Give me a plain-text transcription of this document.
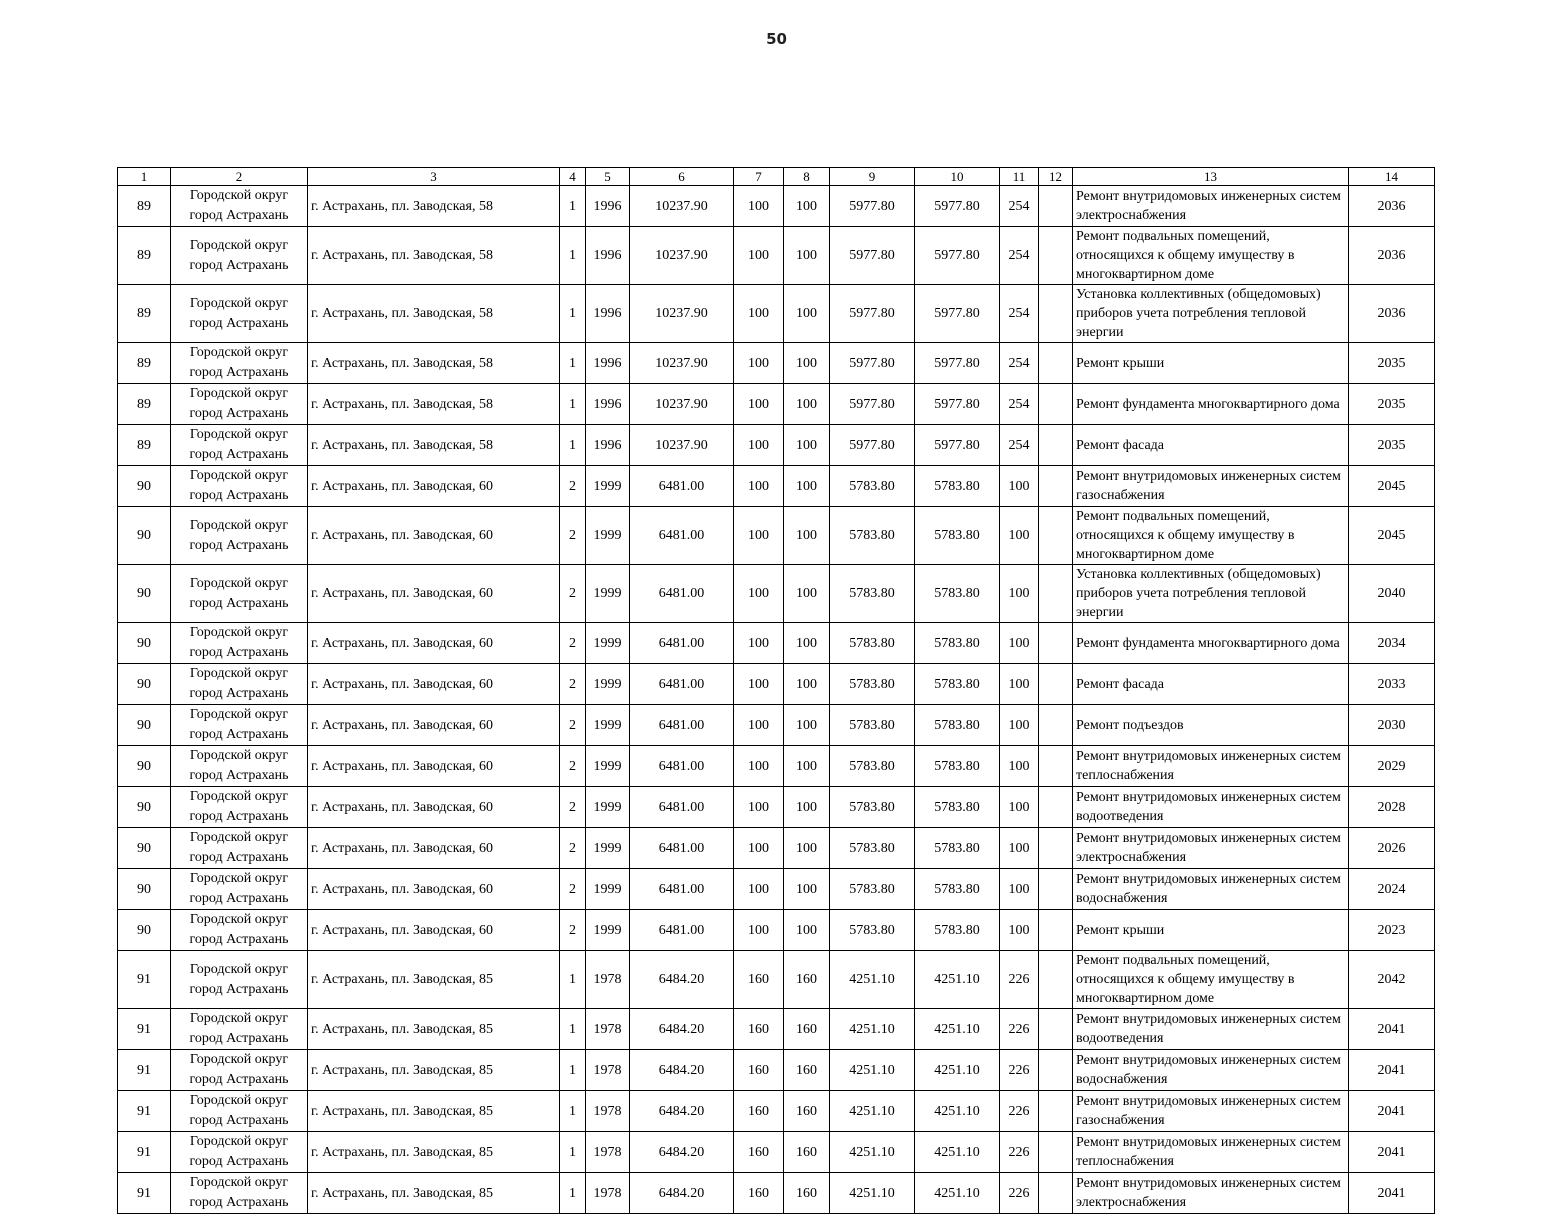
50
1	2	3	4	5	6	7	8	9	10	11	12	13	14
89	Городской округ город Астрахань	г. Астрахань, пл. Заводская, 58	1	1996	10237.90	100	100	5977.80	5977.80	254		Ремонт внутридомовых инженерных систем электроснабжения	2036
89	Городской округ город Астрахань	г. Астрахань, пл. Заводская, 58	1	1996	10237.90	100	100	5977.80	5977.80	254		Ремонт подвальных помещений, относящихся к общему имуществу в многоквартирном доме	2036
89	Городской округ город Астрахань	г. Астрахань, пл. Заводская, 58	1	1996	10237.90	100	100	5977.80	5977.80	254		Установка коллективных (общедомовых) приборов учета потребления тепловой энергии	2036
89	Городской округ город Астрахань	г. Астрахань, пл. Заводская, 58	1	1996	10237.90	100	100	5977.80	5977.80	254		Ремонт крыши	2035
89	Городской округ город Астрахань	г. Астрахань, пл. Заводская, 58	1	1996	10237.90	100	100	5977.80	5977.80	254		Ремонт фундамента многоквартирного дома	2035
89	Городской округ город Астрахань	г. Астрахань, пл. Заводская, 58	1	1996	10237.90	100	100	5977.80	5977.80	254		Ремонт фасада	2035
90	Городской округ город Астрахань	г. Астрахань, пл. Заводская, 60	2	1999	6481.00	100	100	5783.80	5783.80	100		Ремонт внутридомовых инженерных систем газоснабжения	2045
90	Городской округ город Астрахань	г. Астрахань, пл. Заводская, 60	2	1999	6481.00	100	100	5783.80	5783.80	100		Ремонт подвальных помещений, относящихся к общему имуществу в многоквартирном доме	2045
90	Городской округ город Астрахань	г. Астрахань, пл. Заводская, 60	2	1999	6481.00	100	100	5783.80	5783.80	100		Установка коллективных (общедомовых) приборов учета потребления тепловой энергии	2040
90	Городской округ город Астрахань	г. Астрахань, пл. Заводская, 60	2	1999	6481.00	100	100	5783.80	5783.80	100		Ремонт фундамента многоквартирного дома	2034
90	Городской округ город Астрахань	г. Астрахань, пл. Заводская, 60	2	1999	6481.00	100	100	5783.80	5783.80	100		Ремонт фасада	2033
90	Городской округ город Астрахань	г. Астрахань, пл. Заводская, 60	2	1999	6481.00	100	100	5783.80	5783.80	100		Ремонт подъездов	2030
90	Городской округ город Астрахань	г. Астрахань, пл. Заводская, 60	2	1999	6481.00	100	100	5783.80	5783.80	100		Ремонт внутридомовых инженерных систем теплоснабжения	2029
90	Городской округ город Астрахань	г. Астрахань, пл. Заводская, 60	2	1999	6481.00	100	100	5783.80	5783.80	100		Ремонт внутридомовых инженерных систем водоотведения	2028
90	Городской округ город Астрахань	г. Астрахань, пл. Заводская, 60	2	1999	6481.00	100	100	5783.80	5783.80	100		Ремонт внутридомовых инженерных систем электроснабжения	2026
90	Городской округ город Астрахань	г. Астрахань, пл. Заводская, 60	2	1999	6481.00	100	100	5783.80	5783.80	100		Ремонт внутридомовых инженерных систем водоснабжения	2024
90	Городской округ город Астрахань	г. Астрахань, пл. Заводская, 60	2	1999	6481.00	100	100	5783.80	5783.80	100		Ремонт крыши	2023
91	Городской округ город Астрахань	г. Астрахань, пл. Заводская, 85	1	1978	6484.20	160	160	4251.10	4251.10	226		Ремонт подвальных помещений, относящихся к общему имуществу в многоквартирном доме	2042
91	Городской округ город Астрахань	г. Астрахань, пл. Заводская, 85	1	1978	6484.20	160	160	4251.10	4251.10	226		Ремонт внутридомовых инженерных систем водоотведения	2041
91	Городской округ город Астрахань	г. Астрахань, пл. Заводская, 85	1	1978	6484.20	160	160	4251.10	4251.10	226		Ремонт внутридомовых инженерных систем водоснабжения	2041
91	Городской округ город Астрахань	г. Астрахань, пл. Заводская, 85	1	1978	6484.20	160	160	4251.10	4251.10	226		Ремонт внутридомовых инженерных систем газоснабжения	2041
91	Городской округ город Астрахань	г. Астрахань, пл. Заводская, 85	1	1978	6484.20	160	160	4251.10	4251.10	226		Ремонт внутридомовых инженерных систем теплоснабжения	2041
91	Городской округ город Астрахань	г. Астрахань, пл. Заводская, 85	1	1978	6484.20	160	160	4251.10	4251.10	226		Ремонт внутридомовых инженерных систем электроснабжения	2041
